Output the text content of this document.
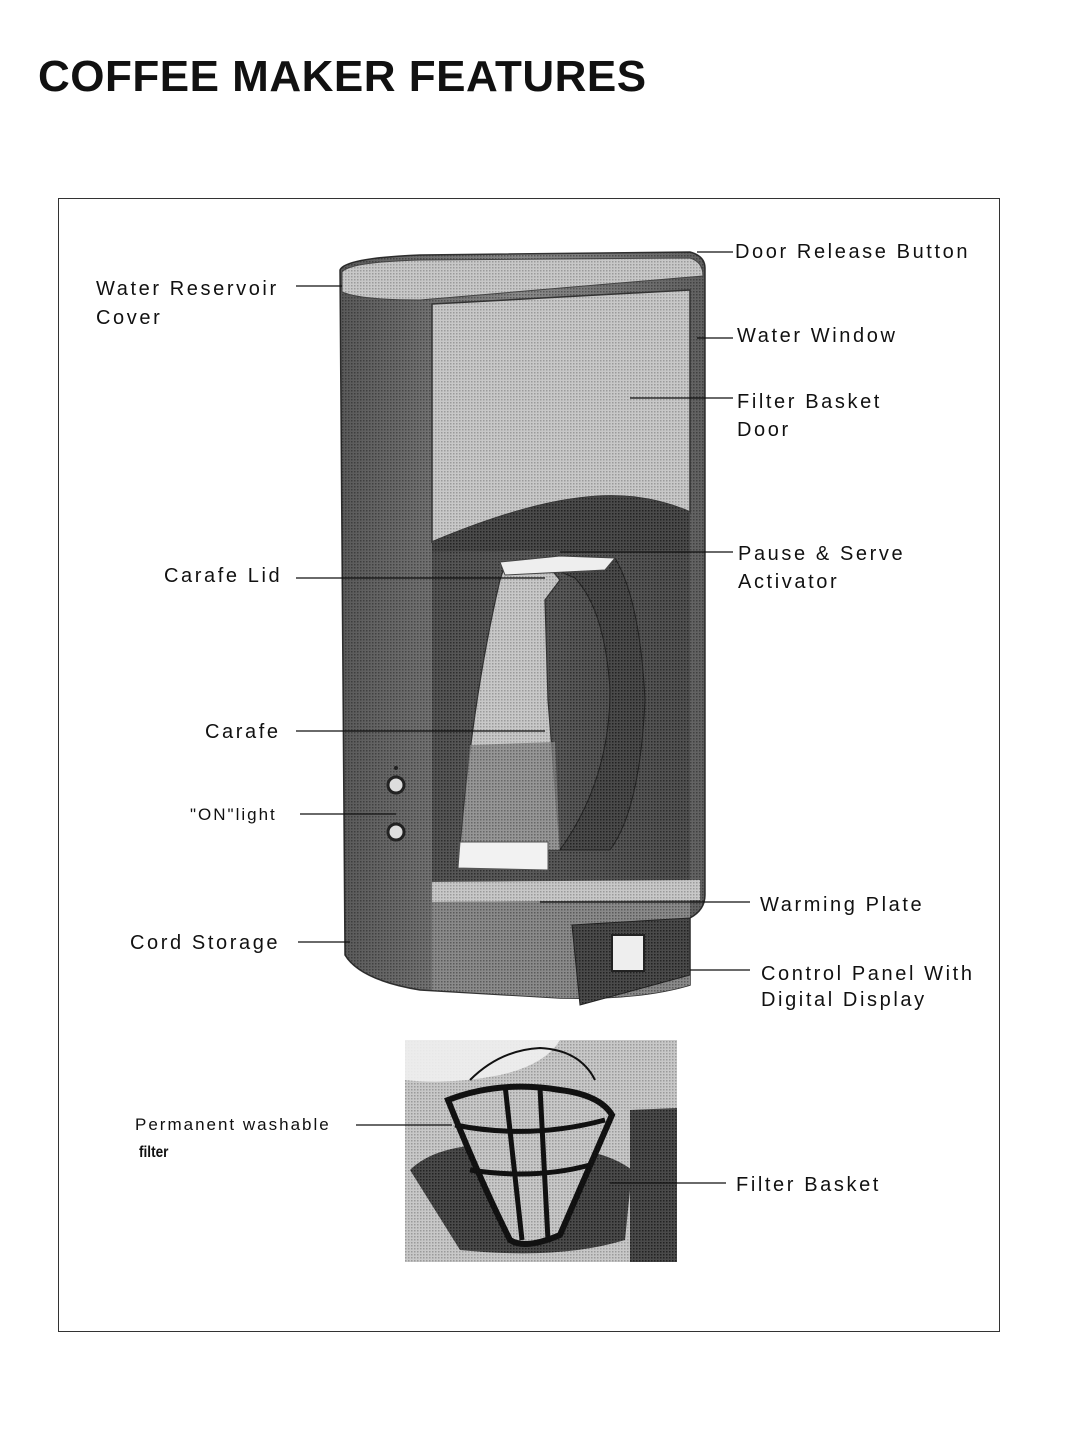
COFFEE MAKER FEATURES
Door Release Button
Water Reservoir
Cover
Water Window
Filter Basket
Door
Pause & Serve
Activator
Carafe Lid
Carafe
"ON"light
Warming Plate
Cord Storage
Control Panel With
Digital Display
Permanent washable
filter
Filter Basket
